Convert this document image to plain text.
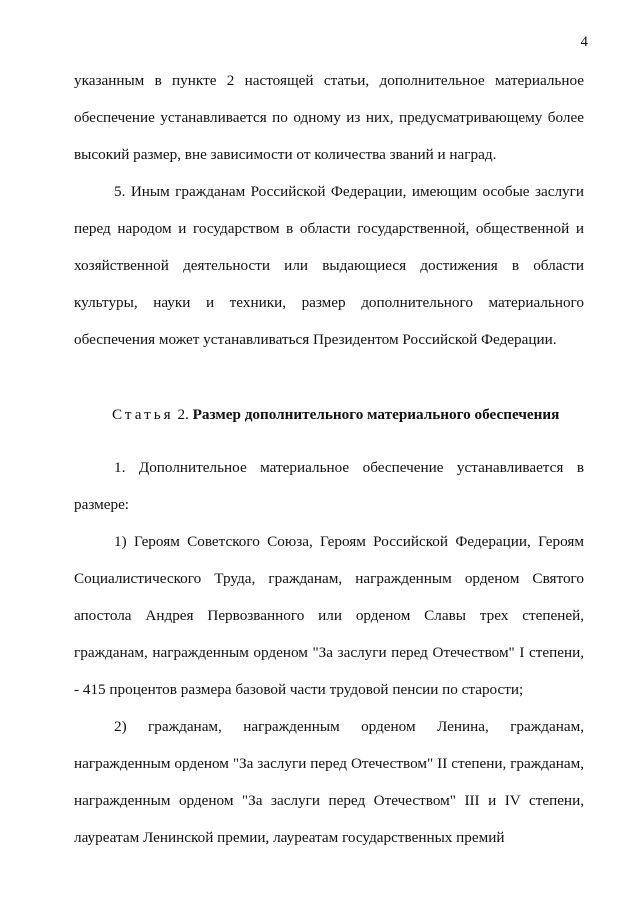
4

указанным в пункте 2 настоящей статьи, дополнительное материальное обеспечение устанавливается по одному из них, предусматривающему более высокий размер, вне зависимости от количества званий и наград.

5. Иным гражданам Российской Федерации, имеющим особые заслуги перед народом и государством в области государственной, общественной и хозяйственной деятельности или выдающиеся достижения в области культуры, науки и техники, размер дополнительного материального обеспечения может устанавливаться Президентом Российской Федерации.

Статья 2. Размер дополнительного материального обеспечения

1. Дополнительное материальное обеспечение устанавливается в размере:

1) Героям Советского Союза, Героям Российской Федерации, Героям Социалистического Труда, гражданам, награжденным орденом Святого апостола Андрея Первозванного или орденом Славы трех степеней, гражданам, награжденным орденом "За заслуги перед Отечеством" I степени, - 415 процентов размера базовой части трудовой пенсии по старости;

2) гражданам, награжденным орденом Ленина, гражданам, награжденным орденом "За заслуги перед Отечеством" II степени, гражданам, награжденным орденом "За заслуги перед Отечеством" III и IV степени, лауреатам Ленинской премии, лауреатам государственных премий
